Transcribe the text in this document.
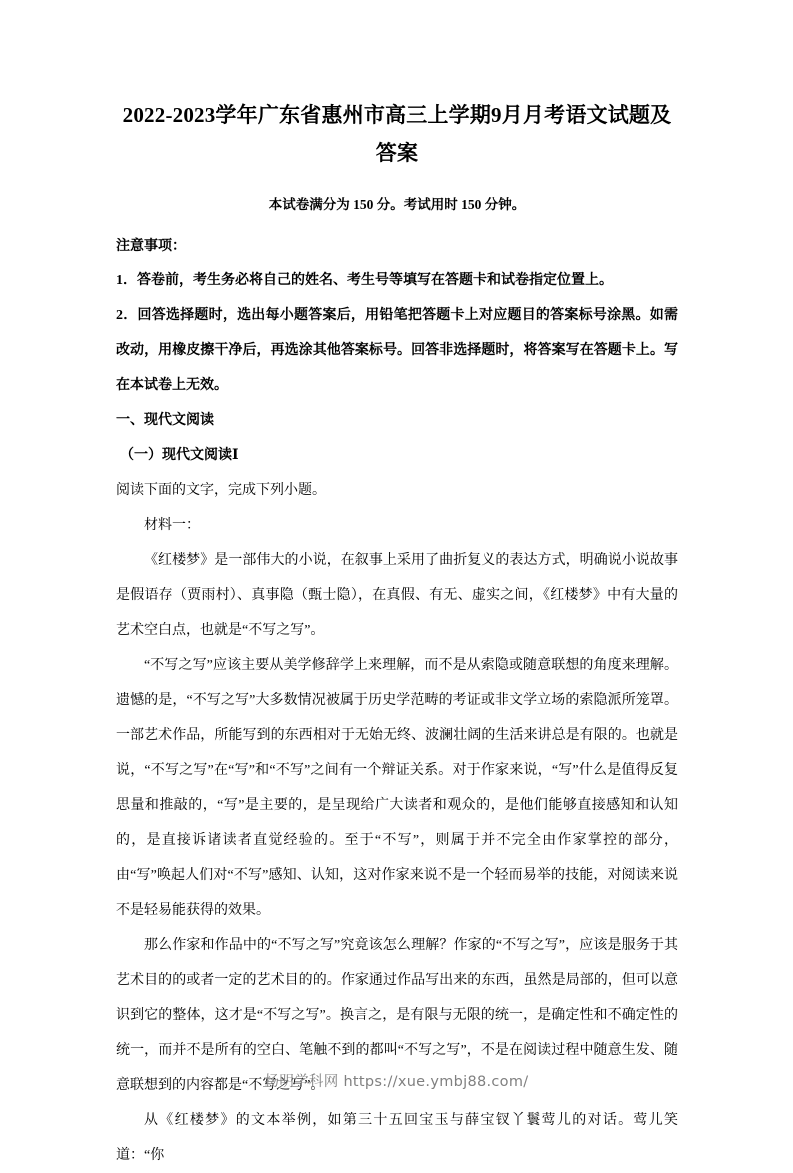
2022-2023学年广东省惠州市高三上学期9月月考语文试题及答案
本试卷满分为 150 分。考试用时 150 分钟。
注意事项：

1．答卷前，考生务必将自己的姓名、考生号等填写在答题卡和试卷指定位置上。

2．回答选择题时，选出每小题答案后，用铅笔把答题卡上对应题目的答案标号涂黑。如需改动，用橡皮擦干净后，再选涂其他答案标号。回答非选择题时，将答案写在答题卡上。写在本试卷上无效。

一、现代文阅读
（一）现代文阅读Ⅰ
阅读下面的文字，完成下列小题。
材料一：

《红楼梦》是一部伟大的小说，在叙事上采用了曲折复义的表达方式，明确说小说故事是假语存（贾雨村）、真事隐（甄士隐），在真假、有无、虚实之间，《红楼梦》中有大量的艺术空白点，也就是“不写之写”。

“不写之写”应该主要从美学修辞学上来理解，而不是从索隐或随意联想的角度来理解。遗憾的是，“不写之写”大多数情况被属于历史学范畴的考证或非文学立场的索隐派所笼罩。一部艺术作品，所能写到的东西相对于无始无终、波澜壮阔的生活来讲总是有限的。也就是说，“不写之写”在“写”和“不写”之间有一个辩证关系。对于作家来说，“写”什么是值得反复思量和推敲的，“写”是主要的，是呈现给广大读者和观众的，是他们能够直接感知和认知的，是直接诉诸读者直觉经验的。至于“不写”，则属于并不完全由作家掌控的部分，由“写”唤起人们对“不写”感知、认知，这对作家来说不是一个轻而易举的技能，对阅读来说不是轻易能获得的效果。

那么作家和作品中的“不写之写”究竟该怎么理解？作家的“不写之写”，应该是服务于其艺术目的的或者一定的艺术目的的。作家通过作品写出来的东西，虽然是局部的，但可以意识到它的整体，这才是“不写之写”。换言之，是有限与无限的统一，是确定性和不确定性的统一，而并不是所有的空白、笔触不到的都叫“不写之写”，不是在阅读过程中随意生发、随意联想到的内容都是“不写之写”。

从《红楼梦》的文本举例，如第三十五回宝玉与薛宝钗丫鬟莺儿的对话。莺儿笑道：“你

扬明学科网 https://xue.ymbj88.com/
